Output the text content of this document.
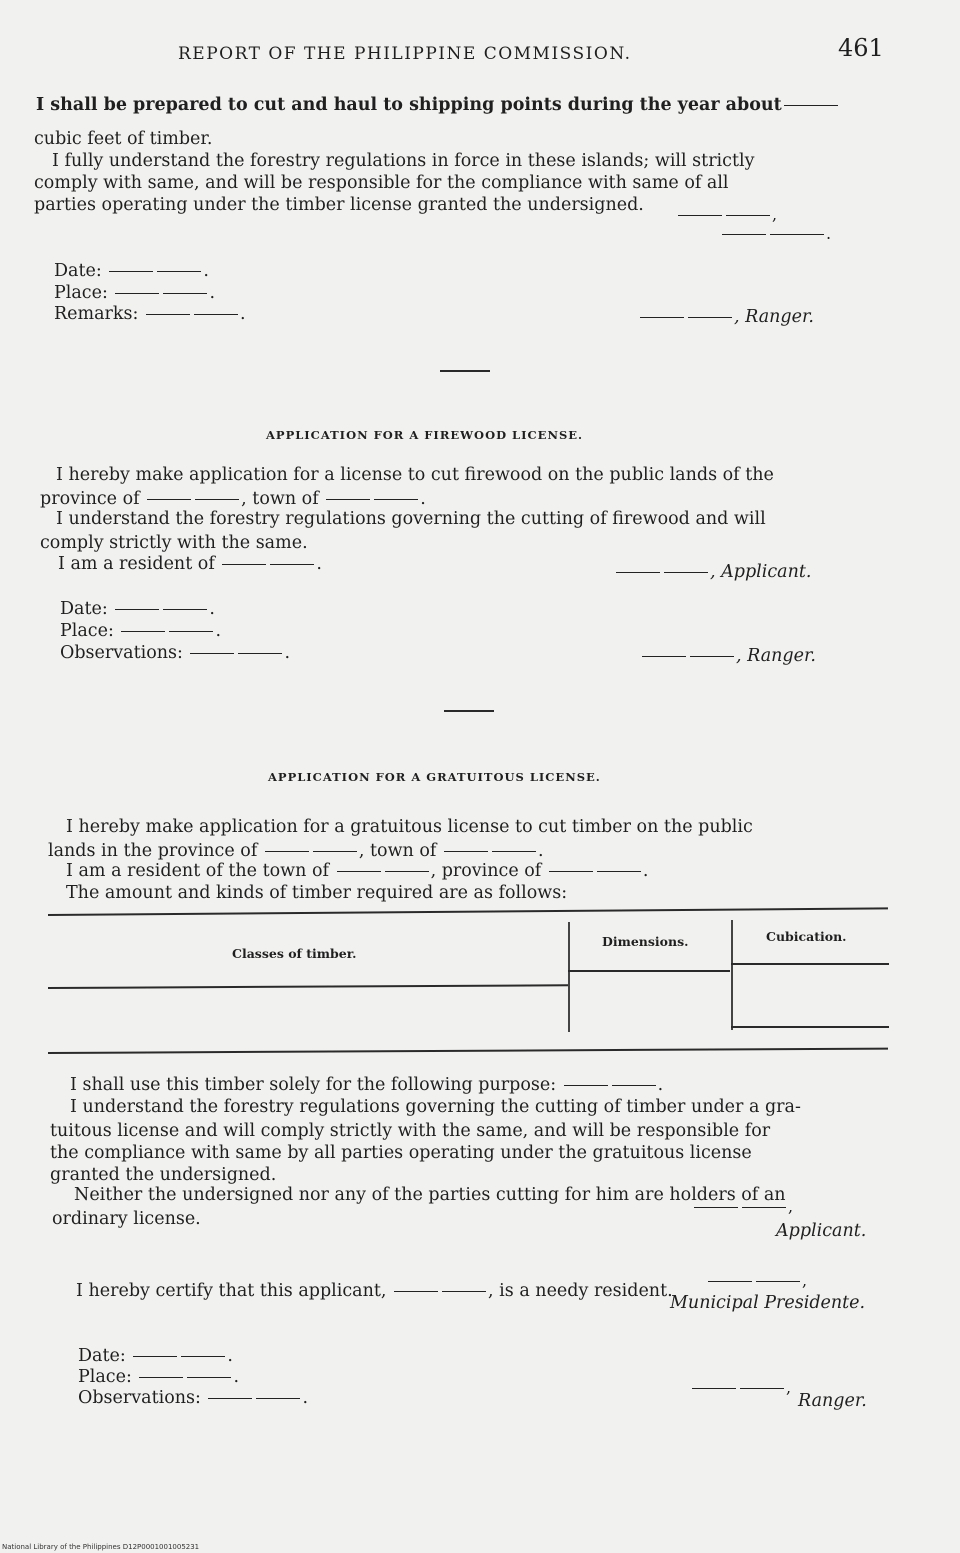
REPORT OF THE PHILIPPINE COMMISSION.	461
I shall be prepared to cut and haul to shipping points during the year about
cubic feet of timber.
I fully understand the forestry regulations in force in these islands; will strictly
comply with same, and will be responsible for the compliance with same of all
parties operating under the timber license granted the undersigned.	,
.
Date:	.
Place:	.
Remarks:	.	, Ranger.
APPLICATION FOR A FIREWOOD LICENSE.
I hereby make application for a license to cut firewood on the public lands of the
province of	, town of	.
I understand the forestry regulations governing the cutting of firewood and will
comply strictly with the same.
I am a resident of	.	, Applicant.
Date:	.
Place:	.
Observations:	.	, Ranger.
APPLICATION FOR A GRATUITOUS LICENSE.
I hereby make application for a gratuitous license to cut timber on the public
lands in the province of	, town of	.
I am a resident of the town of	, province of	.
The amount and kinds of timber required are as follows:
Classes of timber.
Dimensions.	Cubication.
I shall use this timber solely for the following purpose:	.
I understand the forestry regulations governing the cutting of timber under a gra-
tuitous license and will comply strictly with the same, and will be responsible for
the compliance with same by all parties operating under the gratuitous license
granted the undersigned.
Neither the undersigned nor any of the parties cutting for him are holders of an
ordinary license.
,
Applicant.
I hereby certify that this applicant,	, is a needy resident.
,
Municipal Presidente.
Date:	.
Place:	.
Observations:	.
,
Ranger.
National Library of the Philippines D12P0001001005231
